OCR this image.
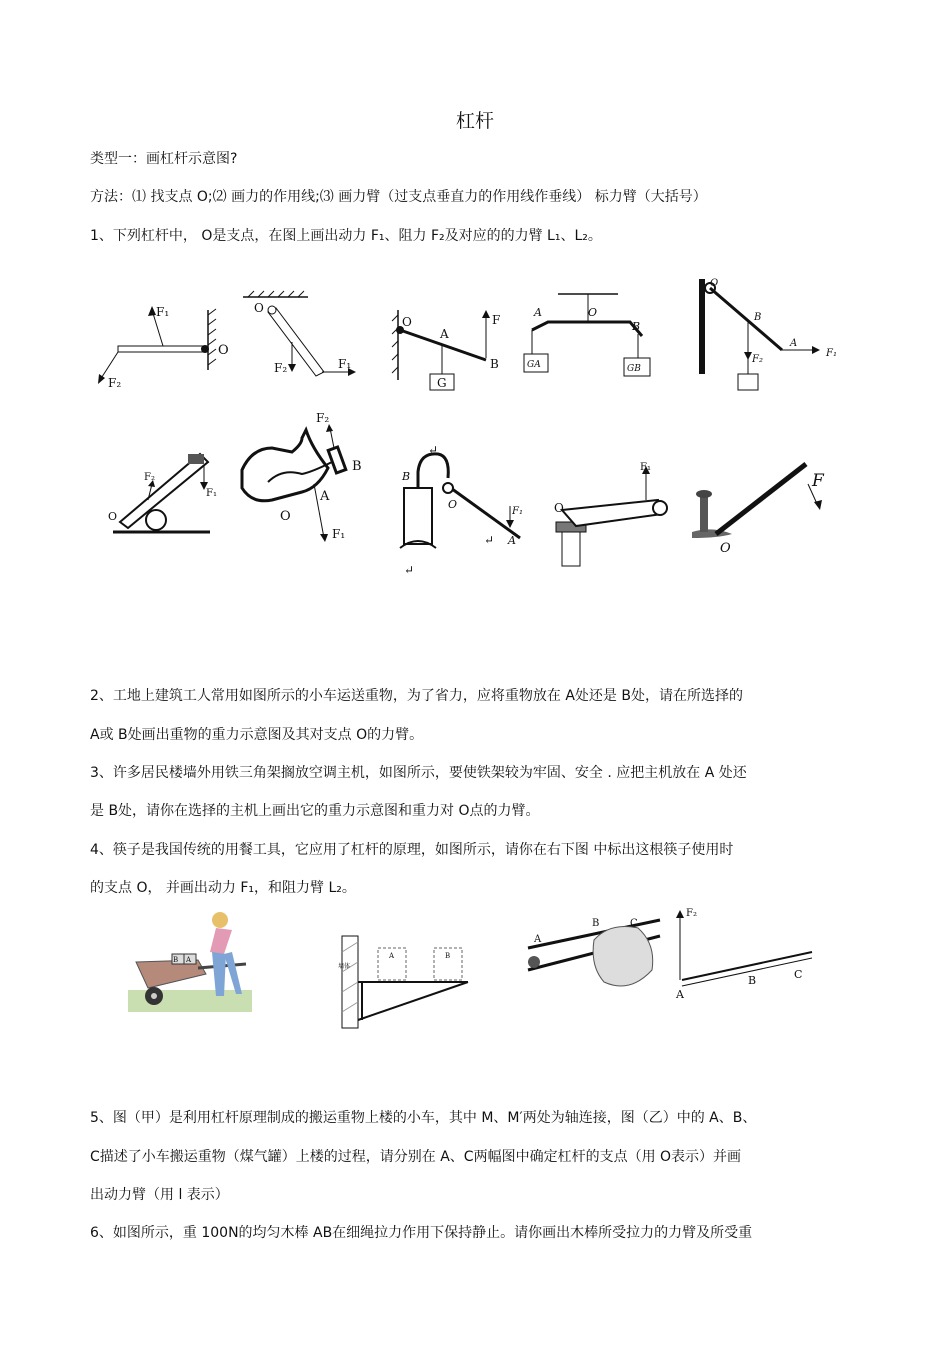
杠杆
类型一：画杠杆示意图?
方法：⑴ 找支点 O;⑵ 画力的作用线;⑶ 画力臂（过支点垂直力的作用线作垂线） 标力臂（大括号）
1、下列杠杆中， O是支点，在图上画出动力 F₁、阻力 F₂及对应的的力臂 L₁、L₂。
F₁
F₂
O
O
F₂	F₁
O
A
B
F
G
A	O
B
GA	GB
O
B
A
F₁
F₂
O
F₂
F₁
F₂
B
A
O
F₁
B
O
F₁
A
↵
↵
↵
O
F₁
F
O
2、工地上建筑工人常用如图所示的小车运送重物，为了省力，应将重物放在 A处还是 B处，请在所选择的
A或 B处画出重物的重力示意图及其对支点 O的力臂。
3、许多居民楼墙外用铁三角架搁放空调主机，如图所示，要使铁架较为牢固、安全 . 应把主机放在 A 处还
是 B处，请你在选择的主机上画出它的重力示意图和重力对 O点的力臂。
4、筷子是我国传统的用餐工具，它应用了杠杆的原理，如图所示，请你在右下图 中标出这根筷子使用时
的支点 O， 并画出动力 F₁，和阻力臂 L₂。
B A
墙体
A	B
A
B	C
F₂
A
B	C
5、图（甲）是利用杠杆原理制成的搬运重物上楼的小车，其中 M、M′两处为轴连接，图（乙）中的 A、B、
C描述了小车搬运重物（煤气罐）上楼的过程，请分别在 A、C两幅图中确定杠杆的支点（用 O表示）并画
出动力臂（用 l 表示）
6、如图所示，重 100N的均匀木棒 AB在细绳拉力作用下保持静止。请你画出木棒所受拉力的力臂及所受重
